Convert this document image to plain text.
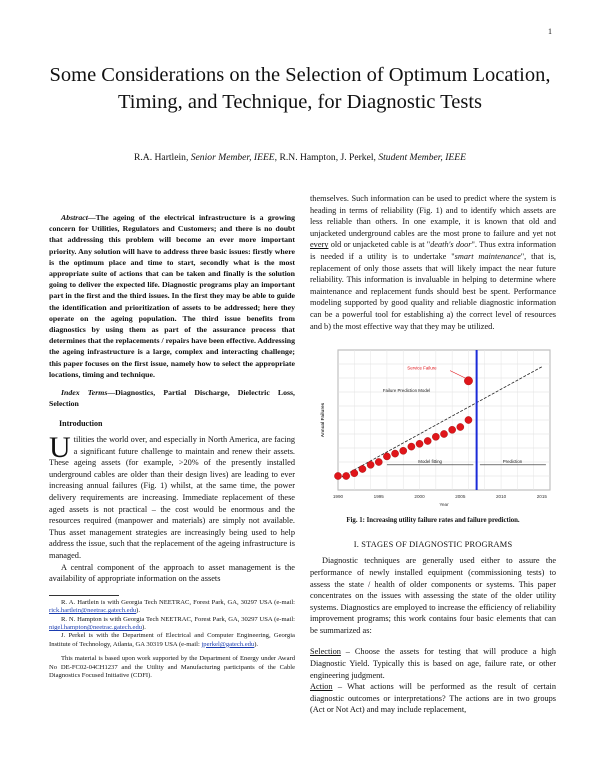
1
Some Considerations on the Selection of Optimum Location, Timing, and Technique, for Diagnostic Tests
R.A. Hartlein, Senior Member, IEEE, R.N. Hampton, J. Perkel, Student Member, IEEE

Abstract—The ageing of the electrical infrastructure is a growing concern for Utilities, Regulators and Customers; and there is no doubt that addressing this problem will become an ever more important priority. Any solution will have to address three basic issues: firstly where is the optimum place and time to start, secondly what is the most appropriate suite of actions that can be taken and finally is the solution going to deliver the expected life. Diagnostic programs play an important part in the first and the third issues. In the first they may be able to guide the identification and prioritization of assets to be addressed; here they operate on the ageing population. The third issue benefits from diagnostics by using them as part of the assurance process that determines that the replacements / repairs have been effective. Addressing the ageing infrastructure is a large, complex and interacting challenge; this paper focuses on the first issue, namely how to select the appropriate locations, timing and technique.

Index Terms—Diagnostics, Partial Discharge, Dielectric Loss, Selection

Introduction

Utilities the world over, and especially in North America, are facing a significant future challenge to maintain and renew their assets. These ageing assets (for example, >20% of the presently installed underground cables are older than their design lives) are leading to ever increasing annual failures (Fig. 1) whilst, at the same time, the power delivery requirements are increasing. Immediate replacement of these aged assets is not practical – the cost would be enormous and the resources required (manpower and materials) are simply not available. Thus asset management strategies are increasingly being used to help address the issue, such that the replacement of the ageing infrastructure is managed.

A central component of the approach to asset management is the availability of appropriate information on the assets

R. A. Hartlein is with Georgia Tech NEETRAC, Forest Park, GA, 30297 USA (e-mail: rick.hartlein@neetrac.gatech.edu).

R. N. Hampton is with Georgia Tech NEETRAC, Forest Park, GA, 30297 USA (e-mail: nigel.hampton@neetrac.gatech.edu).

J. Perkel is with the Department of Electrical and Computer Engineering, Georgia Institute of Technology, Atlanta, GA 30319 USA (e-mail: jperkel@gatech.edu).

This material is based upon work supported by the Department of Energy under Award No DE-FC02-04CH1237 and the Utility and Manufacturing participants of the Cable Diagnostics Focused Initiative (CDFI).

themselves. Such information can be used to predict where the system is heading in terms of reliability (Fig. 1) and to identify which assets are less reliable than others. In one example, it is known that old and unjacketed underground cables are the most prone to failure and yet not every old or unjacketed cable is at "death's door". Thus extra information is needed if a utility is to undertake "smart maintenance", that is, replacement of only those assets that will likely impact the near future reliability. This information is invaluable in helping to determine where maintenance and replacement funds should best be spent. Performance modeling supported by good quality and reliable diagnostic information can be a powerful tool for establishing a) the correct level of resources and b) the most effective way that they may be utilized.

1990	1995	2000	2005	2010	2015
Year
Annual Failures
Service Failure
Failure Prediction Model
Model fitting	Prediction
Fig. 1: Increasing utility failure rates and failure prediction.
I. STAGES OF DIAGNOSTIC PROGRAMS

Diagnostic techniques are generally used either to assure the performance of newly installed equipment (commissioning tests) to assess the state / health of older components or systems. This paper concentrates on the issues with assessing the state of the older utility systems. Diagnostics are employed to increase the efficiency of reliability improvement programs; this work contains four basic elements that can be summarized as:

Selection – Choose the assets for testing that will produce a high Diagnostic Yield. Typically this is based on age, failure rate, or other engineering judgment.

Action – What actions will be performed as the result of certain diagnostic outcomes or interpretations? The actions are in two groups (Act or Not Act) and may include replacement,
